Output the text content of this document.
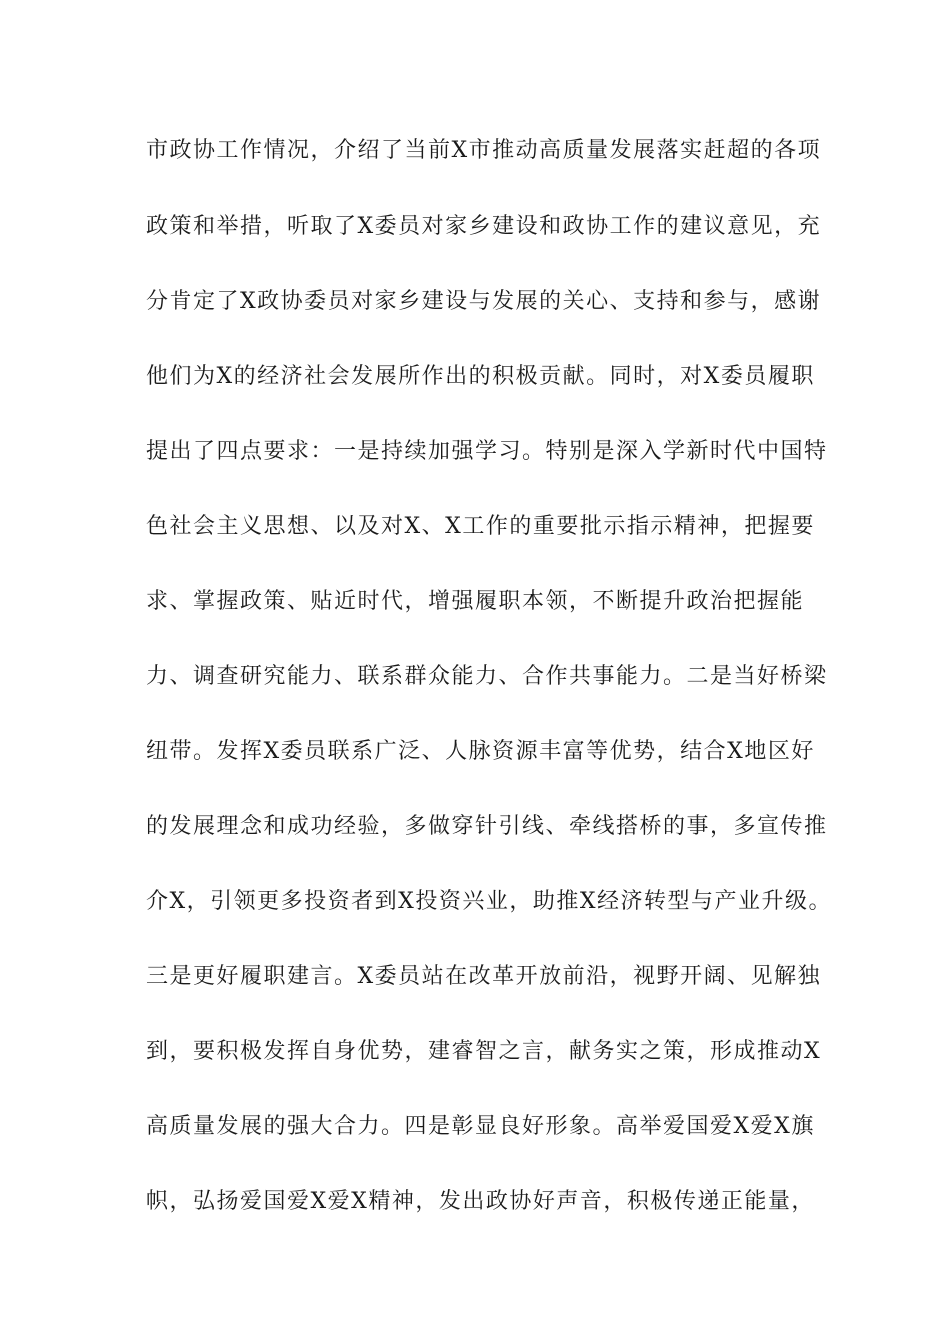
市政协工作情况，介绍了当前X市推动高质量发展落实赶超的各项
政策和举措，听取了X委员对家乡建设和政协工作的建议意见，充
分肯定了X政协委员对家乡建设与发展的关心、支持和参与，感谢
他们为X的经济社会发展所作出的积极贡献。同时，对X委员履职
提出了四点要求：一是持续加强学习。特别是深入学新时代中国特
色社会主义思想、以及对X、X工作的重要批示指示精神，把握要
求、掌握政策、贴近时代，增强履职本领，不断提升政治把握能
力、调查研究能力、联系群众能力、合作共事能力。二是当好桥梁
纽带。发挥X委员联系广泛、人脉资源丰富等优势，结合X地区好
的发展理念和成功经验，多做穿针引线、牵线搭桥的事，多宣传推
介X，引领更多投资者到X投资兴业，助推X经济转型与产业升级。
三是更好履职建言。X委员站在改革开放前沿，视野开阔、见解独
到，要积极发挥自身优势，建睿智之言，献务实之策，形成推动X
高质量发展的强大合力。四是彰显良好形象。高举爱国爱X爱X旗
帜，弘扬爱国爱X爱X精神，发出政协好声音，积极传递正能量，
